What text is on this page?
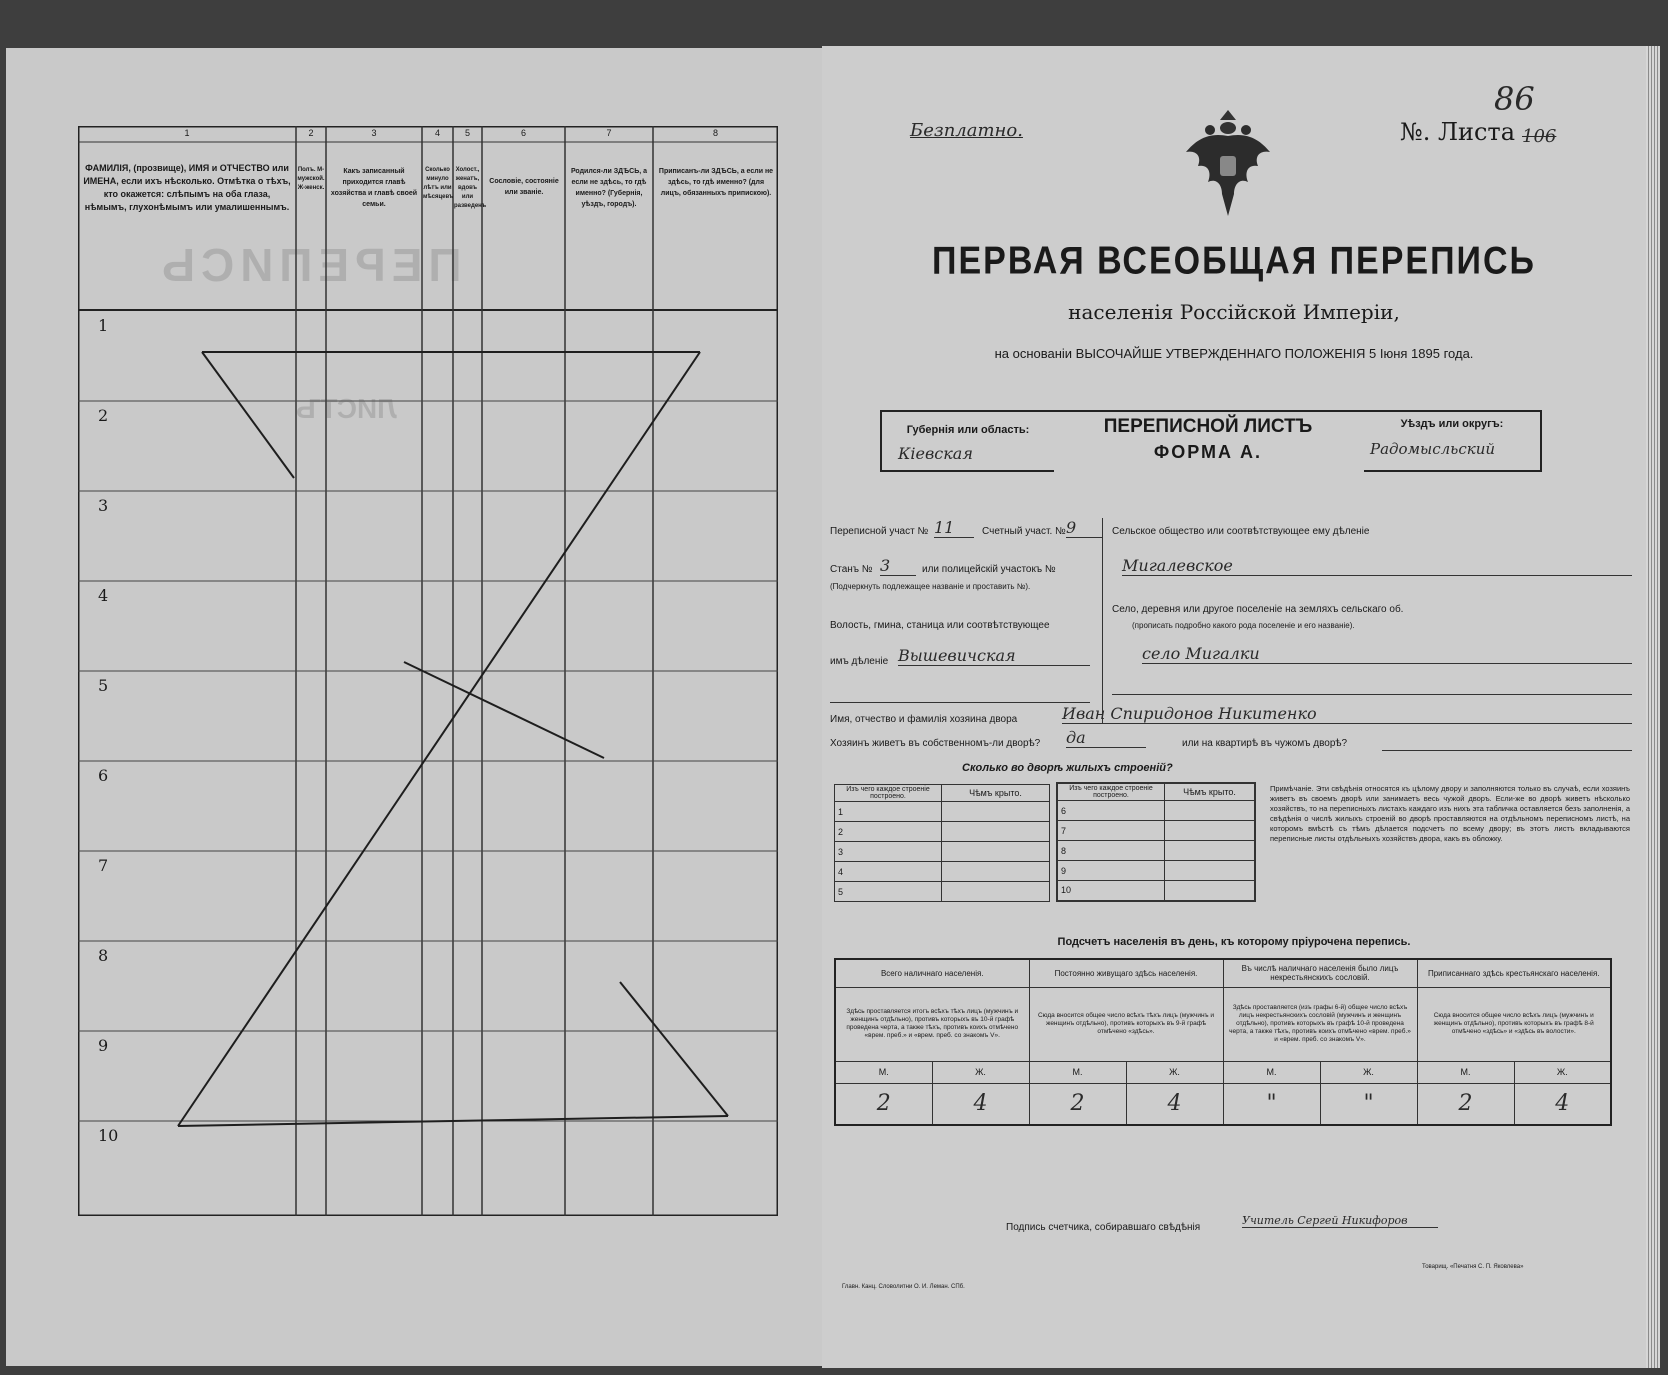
ПЕРЕПИСЬ
ЛИСТЪ
1	2	3	4	5	6	7	8
ФАМИЛІЯ, (прозвище), ИМЯ и ОТЧЕСТВО или ИМЕНА, если ихъ нѣсколько. Отмѣтка о тѣхъ, кто окажется: слѣпымъ на оба глаза, нѣмымъ, глухонѣмымъ или умалишеннымъ.
Полъ. М-мужской. Ж-женск.
Какъ записанный приходится главѣ хозяйства и главѣ своей семьи.
Сколько минуло лѣтъ или мѣсяцевъ
Холост., женатъ, вдовъ или разведенъ
Сословіе, состояніе или званіе.
Родился-ли ЗДѢСЬ, а если не здѣсь, то гдѣ именно? (Губернія, уѣздъ, городъ).
Приписанъ-ли ЗДѢСЬ, а если не здѣсь, то гдѣ именно? (для лицъ, обязанныхъ припискою).
1
2
3
4
5
6
7
8
9
10
Безплатно.	№. Листа 106
86
ПЕРВАЯ ВСЕОБЩАЯ ПЕРЕПИСЬ
населенія Россійской Имперіи,
на основаніи ВЫСОЧАЙШЕ УТВЕРЖДЕННАГО ПОЛОЖЕНІЯ 5 Іюня 1895 года.
Губернія или область:
Кіевская
ПЕРЕПИСНОЙ ЛИСТЪ
ФОРМА А.
Уѣздъ или округъ:
Радомысльский
Переписной участ № 11	Счетный участ. № 9
Станъ № 3	или полицейскій участокъ №
(Подчеркнуть подлежащее названіе и проставить №).
Волость, гмина, станица или соотвѣтствующее
имъ дѣленіе Вышевичская
Сельское общество или соотвѣтствующее ему дѣленіе
Мигалевское
Село, деревня или другое поселеніе на земляхъ сельскаго об.
(прописать подробно какого рода поселеніе и его названіе).
село Мигалки
Имя, отчество и фамилія хозяина двора	Иван Спиридонов Никитенко
Хозяинъ живетъ въ собственномъ-ли дворѣ? да	или на квартирѣ въ чужомъ дворѣ?
Сколько во дворѣ жилыхъ строеній?
Изъ чего каждое строеніе построено.	Чѣмъ крыто.
1	
2	
3	
4	
5	
Изъ чего каждое строеніе построено.	Чѣмъ крыто.
6	
7	
8	
9	
10	
Примѣчаніе. Эти свѣдѣнія относятся къ цѣлому двору и заполняются только въ случаѣ, если хозяинъ живетъ въ своемъ дворѣ или занимаетъ весь чужой дворъ. Если-же во дворѣ живетъ нѣсколько хозяйствъ, то на переписныхъ листахъ каждаго изъ нихъ эта табличка оставляется безъ заполненія, а свѣдѣнія о числѣ жилыхъ строеній во дворѣ проставляются на отдѣльномъ переписномъ листѣ, на которомъ вмѣстѣ съ тѣмъ дѣлается подсчетъ по всему двору; въ этотъ листъ вкладываются переписные листы отдѣльныхъ хозяйствъ двора, какъ въ обложку.
Подсчетъ населенія въ день, къ которому пріурочена перепись.
Всего наличнаго населенія.		Постоянно живущаго здѣсь населенія.		Въ числѣ наличнаго населенія было лицъ некрестьянскихъ сословій.		Приписаннаго здѣсь крестьянскаго населенія.	
Здѣсь проставляется итогъ всѣхъ тѣхъ лицъ (мужчинъ и женщинъ отдѣльно), противъ которыхъ въ 10-й графѣ проведена черта, а также тѣхъ, противъ коихъ отмѣчено «врем. преб.» и «врем. преб. со знакомъ V».		Сюда вносится общее число всѣхъ тѣхъ лицъ (мужчинъ и женщинъ отдѣльно), противъ которыхъ въ 9-й графѣ отмѣчено «здѣсь».		Здѣсь проставляется (изъ графы 6-й) общее число всѣхъ лицъ некрестьянскихъ сословій (мужчинъ и женщинъ отдѣльно), противъ которыхъ въ графѣ 10-й проведена черта, а также тѣхъ, противъ коихъ отмѣчено «врем. преб.» и «врем. преб. со знакомъ V».		Сюда вносится общее число всѣхъ лицъ (мужчинъ и женщинъ отдѣльно), противъ которыхъ въ графѣ 8-й отмѣчено «здѣсь» и «здѣсь въ волости».	
М.	Ж.	М.	Ж.	М.	Ж.	М.	Ж.
2	4	2	4	"	"	2	4
Подпись счетчика, собиравшаго свѣдѣнія
Учитель Сергей Никифоров
Главн. Канц. Словолитни О. И. Леман. СПб.
Товарищ. «Печатня С. П. Яковлева»
